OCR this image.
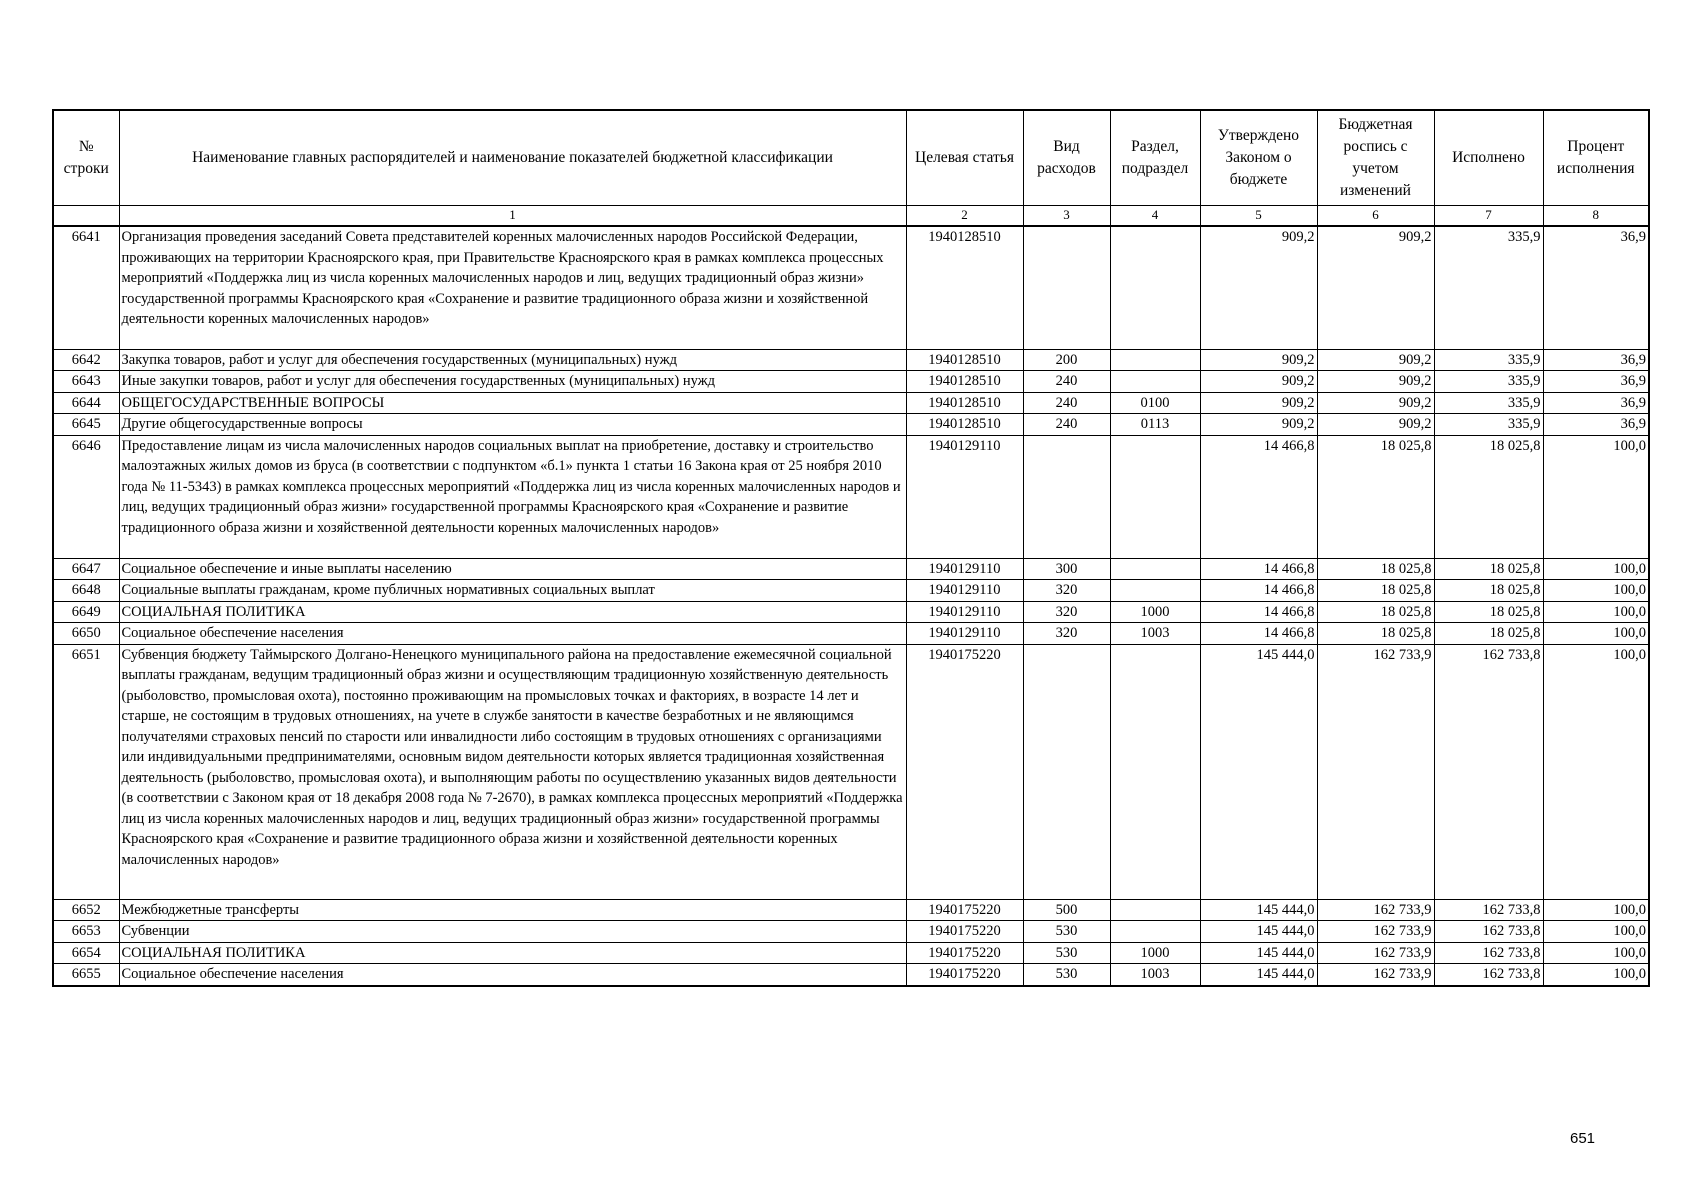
№ строки	Наименование главных распорядителей и наименование показателей бюджетной классификации	Целевая статья	Вид расходов	Раздел, подраздел	Утверждено Законом о бюджете	Бюджетная роспись с учетом изменений	Исполнено	Процент исполнения
	1	2	3	4	5	6	7	8
6641	Организация проведения заседаний Совета представителей коренных малочисленных народов Российской Федерации, проживающих на территории Красноярского края, при Правительстве Красноярского края в рамках комплекса процессных мероприятий «Поддержка лиц из числа коренных малочисленных народов и лиц, ведущих традиционный образ жизни» государственной программы Красноярского края «Сохранение и развитие традиционного образа жизни и хозяйственной деятельности коренных малочисленных народов»	1940128510			909,2	909,2	335,9	36,9
6642	Закупка товаров, работ и услуг для обеспечения государственных (муниципальных) нужд	1940128510	200		909,2	909,2	335,9	36,9
6643	Иные закупки товаров, работ и услуг для обеспечения государственных (муниципальных) нужд	1940128510	240		909,2	909,2	335,9	36,9
6644	ОБЩЕГОСУДАРСТВЕННЫЕ ВОПРОСЫ	1940128510	240	0100	909,2	909,2	335,9	36,9
6645	Другие общегосударственные вопросы	1940128510	240	0113	909,2	909,2	335,9	36,9
6646	Предоставление лицам из числа малочисленных народов социальных выплат на приобретение, доставку и строительство малоэтажных жилых домов из бруса (в соответствии с подпунктом «б.1» пункта 1 статьи 16 Закона края от 25 ноября 2010 года № 11-5343) в рамках комплекса процессных мероприятий «Поддержка лиц из числа коренных малочисленных народов и лиц, ведущих традиционный образ жизни» государственной программы Красноярского края «Сохранение и развитие традиционного образа жизни и хозяйственной деятельности коренных малочисленных народов»	1940129110			14 466,8	18 025,8	18 025,8	100,0
6647	Социальное обеспечение и иные выплаты населению	1940129110	300		14 466,8	18 025,8	18 025,8	100,0
6648	Социальные выплаты гражданам, кроме публичных нормативных социальных выплат	1940129110	320		14 466,8	18 025,8	18 025,8	100,0
6649	СОЦИАЛЬНАЯ ПОЛИТИКА	1940129110	320	1000	14 466,8	18 025,8	18 025,8	100,0
6650	Социальное обеспечение населения	1940129110	320	1003	14 466,8	18 025,8	18 025,8	100,0
6651	Субвенция бюджету Таймырского Долгано-Ненецкого муниципального района на предоставление ежемесячной социальной выплаты гражданам, ведущим традиционный образ жизни и осуществляющим традиционную хозяйственную деятельность (рыболовство, промысловая охота), постоянно проживающим на промысловых точках и факториях, в возрасте 14 лет и старше, не состоящим в трудовых отношениях, на учете в службе занятости в качестве безработных и не являющимся получателями страховых пенсий по старости или инвалидности либо состоящим в трудовых отношениях с организациями или индивидуальными предпринимателями, основным видом деятельности которых является традиционная хозяйственная деятельность (рыболовство, промысловая охота), и выполняющим работы по осуществлению указанных видов деятельности (в соответствии с Законом края от 18 декабря 2008 года № 7-2670), в рамках комплекса процессных мероприятий «Поддержка лиц из числа коренных малочисленных народов и лиц, ведущих традиционный образ жизни» государственной программы Красноярского края «Сохранение и развитие традиционного образа жизни и хозяйственной деятельности коренных малочисленных народов»	1940175220			145 444,0	162 733,9	162 733,8	100,0
6652	Межбюджетные трансферты	1940175220	500		145 444,0	162 733,9	162 733,8	100,0
6653	Субвенции	1940175220	530		145 444,0	162 733,9	162 733,8	100,0
6654	СОЦИАЛЬНАЯ ПОЛИТИКА	1940175220	530	1000	145 444,0	162 733,9	162 733,8	100,0
6655	Социальное обеспечение населения	1940175220	530	1003	145 444,0	162 733,9	162 733,8	100,0
651
